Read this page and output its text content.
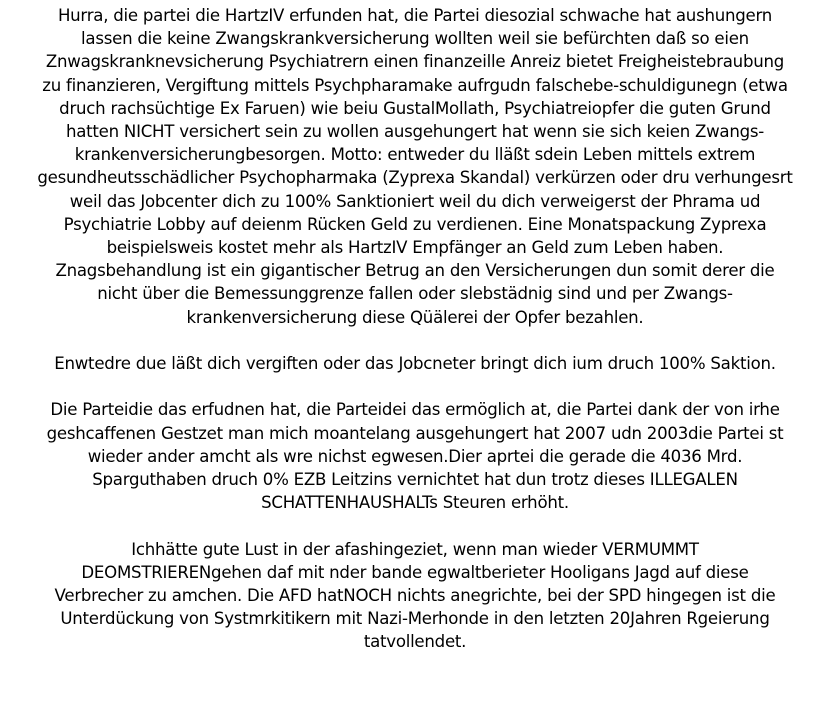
Hurra, die partei die HartzIV erfunden hat, die Partei diesozial schwache hat aushungern
lassen die keine Zwangskrankversicherung wollten weil sie befürchten daß so eien
Znwagskranknevsicherung Psychiatrern einen finanzeille Anreiz bietet Freigheistebraubung
zu finanzieren, Vergiftung mittels Psychpharamake aufrgudn falschebe-schuldigunegn (etwa
druch rachsüchtige Ex Faruen) wie beiu GustalMollath, Psychiatreiopfer die guten Grund
hatten NICHT versichert sein zu wollen ausgehungert hat wenn sie sich keien Zwangs-
krankenversicherungbesorgen. Motto: entweder du lläßt sdein Leben mittels extrem
gesundheutsschädlicher Psychopharmaka (Zyprexa Skandal) verkürzen oder dru verhungesrt
weil das Jobcenter dich zu 100% Sanktioniert weil du dich verweigerst der Phrama ud
Psychiatrie Lobby auf deienm Rücken Geld zu verdienen. Eine Monatspackung Zyprexa
beispielsweis kostet mehr als HartzIV Empfänger an Geld zum Leben haben.
Znagsbehandlung ist ein gigantischer Betrug an den Versicherungen dun somit derer die
nicht über die Bemessunggrenze fallen oder slebstädnig sind und per Zwangs-
krankenversicherung diese Qüälerei der Opfer bezahlen.

Enwtedre due läßt dich vergiften oder das Jobcneter bringt dich ium druch 100% Saktion.

Die Parteidie das erfudnen hat, die Parteidei das ermöglich at, die Partei dank der von irhe
geshcaffenen Gestzet man mich moantelang ausgehungert hat 2007 udn 2003die Partei st
wieder ander amcht als wre nichst egwesen.Dier aprtei die gerade die 4036 Mrd.
Sparguthaben druch 0% EZB Leitzins vernichtet hat dun trotz dieses ILLEGALEN
SCHATTENHAUSHALTs Steuren erhöht.

Ichhätte gute Lust in der afashingeziet, wenn man wieder VERMUMMT
DEOMSTRIERENgehen daf mit nder bande egwaltberieter Hooligans Jagd auf diese
Verbrecher zu amchen. Die AFD hatNOCH nichts anegrichte, bei der SPD hingegen ist die
Unterdückung von Systmrkitikern mit Nazi-Merhonde in den letzten 20Jahren Rgeierung
tatvollendet.
